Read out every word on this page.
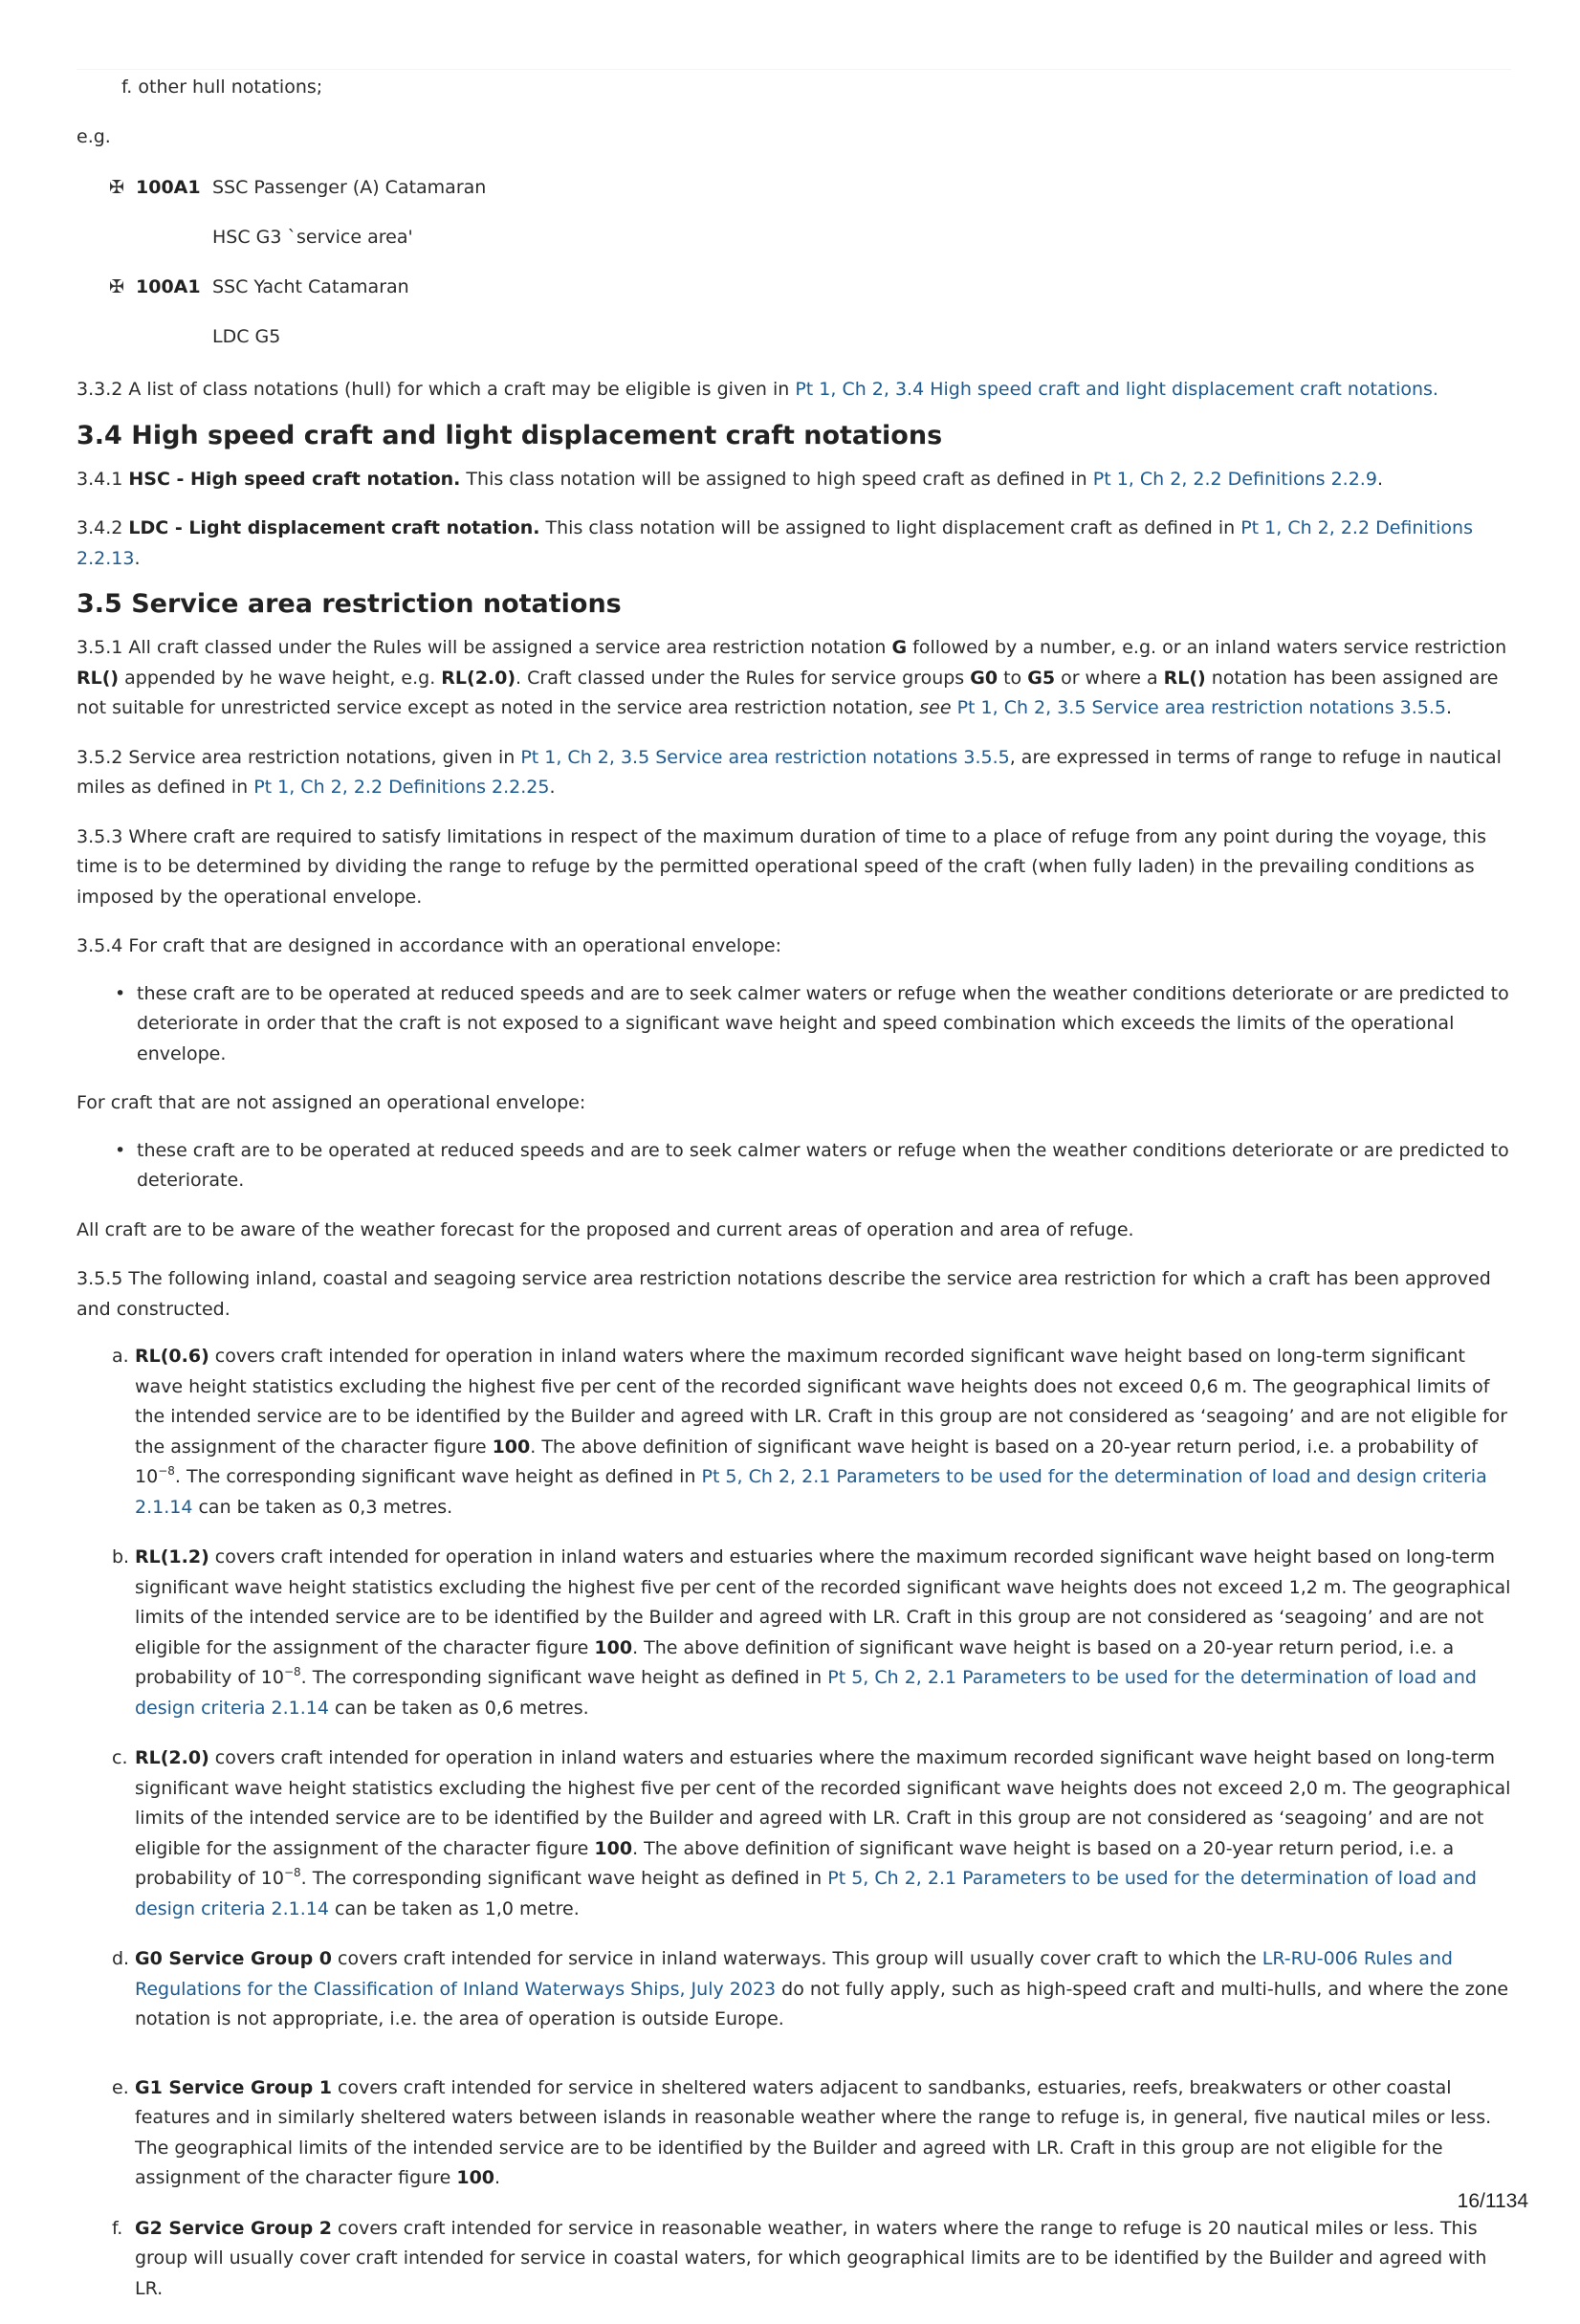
f. other hull notations;

e.g.

✠ 100A1 SSC Passenger (A) Catamaran
HSC G3 `service area'
✠ 100A1 SSC Yacht Catamaran
LDC G5

3.3.2 A list of class notations (hull) for which a craft may be eligible is given in Pt 1, Ch 2, 3.4 High speed craft and light displacement craft notations.

3.4 High speed craft and light displacement craft notations

3.4.1 HSC - High speed craft notation. This class notation will be assigned to high speed craft as defined in Pt 1, Ch 2, 2.2 Definitions 2.2.9.

3.4.2 LDC - Light displacement craft notation. This class notation will be assigned to light displacement craft as defined in Pt 1, Ch 2, 2.2 Definitions 2.2.13.

3.5 Service area restriction notations

3.5.1 All craft classed under the Rules will be assigned a service area restriction notation G followed by a number, e.g. or an inland waters service restriction RL() appended by he wave height, e.g. RL(2.0). Craft classed under the Rules for service groups G0 to G5 or where a RL() notation has been assigned are not suitable for unrestricted service except as noted in the service area restriction notation, see Pt 1, Ch 2, 3.5 Service area restriction notations 3.5.5.

3.5.2 Service area restriction notations, given in Pt 1, Ch 2, 3.5 Service area restriction notations 3.5.5, are expressed in terms of range to refuge in nautical miles as defined in Pt 1, Ch 2, 2.2 Definitions 2.2.25.

3.5.3 Where craft are required to satisfy limitations in respect of the maximum duration of time to a place of refuge from any point during the voyage, this time is to be determined by dividing the range to refuge by the permitted operational speed of the craft (when fully laden) in the prevailing conditions as imposed by the operational envelope.

3.5.4 For craft that are designed in accordance with an operational envelope:

• these craft are to be operated at reduced speeds and are to seek calmer waters or refuge when the weather conditions deteriorate or are predicted to deteriorate in order that the craft is not exposed to a significant wave height and speed combination which exceeds the limits of the operational envelope.

For craft that are not assigned an operational envelope:

• these craft are to be operated at reduced speeds and are to seek calmer waters or refuge when the weather conditions deteriorate or are predicted to deteriorate.

All craft are to be aware of the weather forecast for the proposed and current areas of operation and area of refuge.

3.5.5 The following inland, coastal and seagoing service area restriction notations describe the service area restriction for which a craft has been approved and constructed.

a. RL(0.6) covers craft intended for operation in inland waters where the maximum recorded significant wave height based on long-term significant wave height statistics excluding the highest five per cent of the recorded significant wave heights does not exceed 0,6 m. The geographical limits of the intended service are to be identified by the Builder and agreed with LR. Craft in this group are not considered as ‘seagoing’ and are not eligible for the assignment of the character figure 100. The above definition of significant wave height is based on a 20-year return period, i.e. a probability of $10^{-8}$. The corresponding significant wave height as defined in Pt 5, Ch 2, 2.1 Parameters to be used for the determination of load and design criteria 2.1.14 can be taken as 0,3 metres.
b. RL(1.2) covers craft intended for operation in inland waters and estuaries where the maximum recorded significant wave height based on long-term significant wave height statistics excluding the highest five per cent of the recorded significant wave heights does not exceed 1,2 m. The geographical limits of the intended service are to be identified by the Builder and agreed with LR. Craft in this group are not considered as ‘seagoing’ and are not eligible for the assignment of the character figure 100. The above definition of significant wave height is based on a 20-year return period, i.e. a probability of $10^{-8}$. The corresponding significant wave height as defined in Pt 5, Ch 2, 2.1 Parameters to be used for the determination of load and design criteria 2.1.14 can be taken as 0,6 metres.
c. RL(2.0) covers craft intended for operation in inland waters and estuaries where the maximum recorded significant wave height based on long-term significant wave height statistics excluding the highest five per cent of the recorded significant wave heights does not exceed 2,0 m. The geographical limits of the intended service are to be identified by the Builder and agreed with LR. Craft in this group are not considered as ‘seagoing’ and are not eligible for the assignment of the character figure 100. The above definition of significant wave height is based on a 20-year return period, i.e. a probability of $10^{-8}$. The corresponding significant wave height as defined in Pt 5, Ch 2, 2.1 Parameters to be used for the determination of load and design criteria 2.1.14 can be taken as 1,0 metre.
d. G0 Service Group 0 covers craft intended for service in inland waterways. This group will usually cover craft to which the LR-RU-006 Rules and Regulations for the Classification of Inland Waterways Ships, July 2023 do not fully apply, such as high-speed craft and multi-hulls, and where the zone notation is not appropriate, i.e. the area of operation is outside Europe.
e. G1 Service Group 1 covers craft intended for service in sheltered waters adjacent to sandbanks, estuaries, reefs, breakwaters or other coastal features and in similarly sheltered waters between islands in reasonable weather where the range to refuge is, in general, five nautical miles or less. The geographical limits of the intended service are to be identified by the Builder and agreed with LR. Craft in this group are not eligible for the assignment of the character figure 100.
f. G2 Service Group 2 covers craft intended for service in reasonable weather, in waters where the range to refuge is 20 nautical miles or less. This group will usually cover craft intended for service in coastal waters, for which geographical limits are to be identified by the Builder and agreed with LR.
16/1134
